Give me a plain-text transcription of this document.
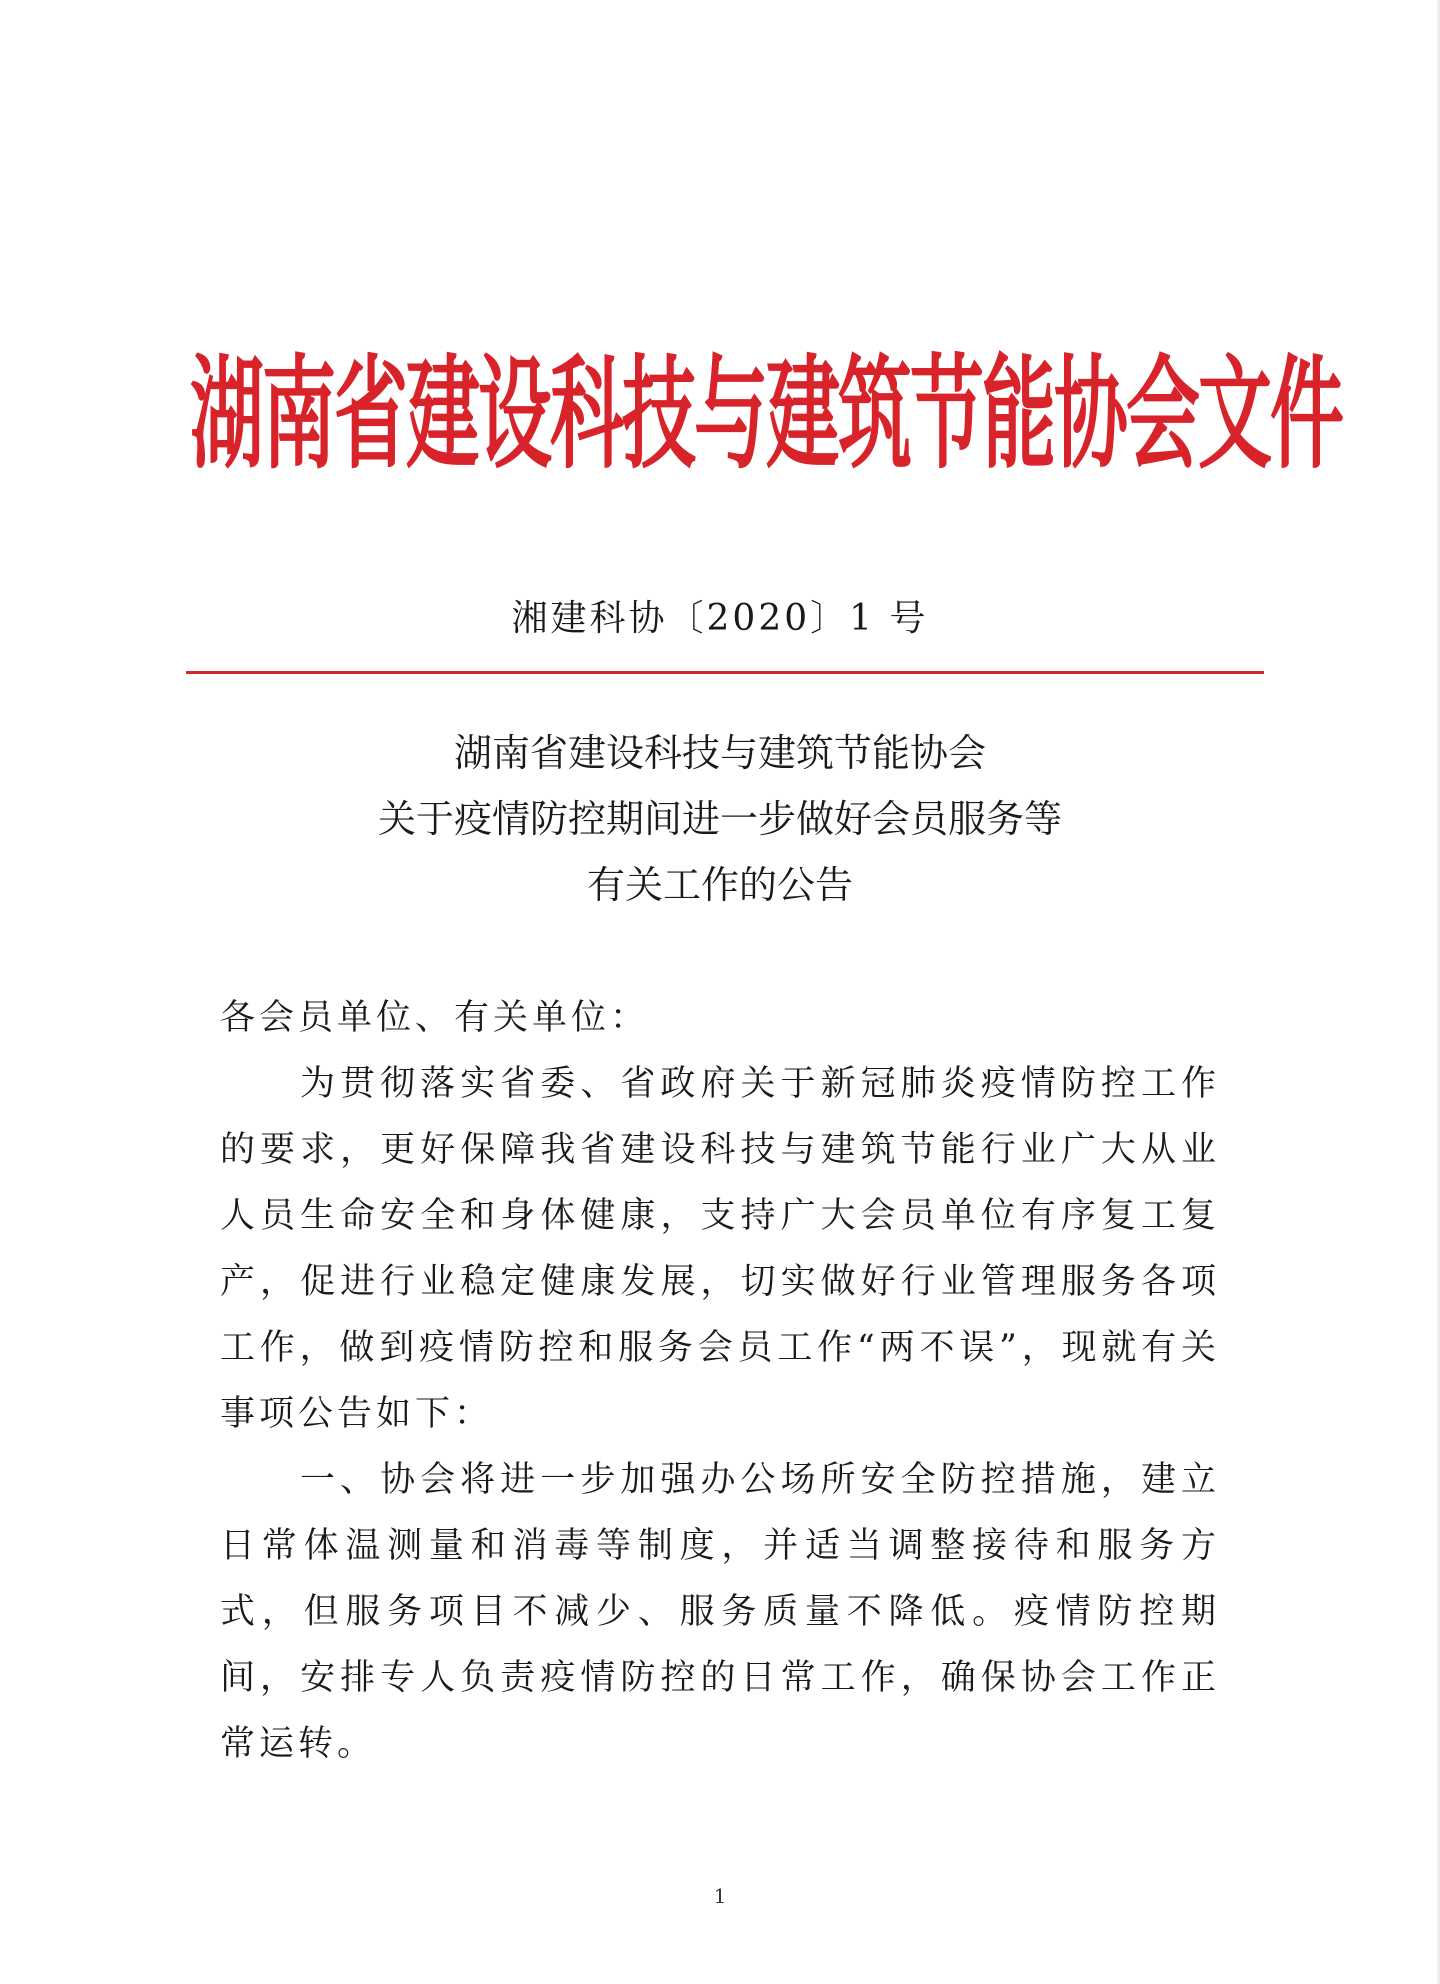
湖南省建设科技与建筑节能协会文件
湘建科协〔2020〕1 号
湖南省建设科技与建筑节能协会
关于疫情防控期间进一步做好会员服务等
有关工作的公告

各会员单位、有关单位：

为贯彻落实省委、省政府关于新冠肺炎疫情防控工作的要求，更好保障我省建设科技与建筑节能行业广大从业人员生命安全和身体健康，支持广大会员单位有序复工复产，促进行业稳定健康发展，切实做好行业管理服务各项工作，做到疫情防控和服务会员工作“两不误”，现就有关事项公告如下：

一、协会将进一步加强办公场所安全防控措施，建立日常体温测量和消毒等制度，并适当调整接待和服务方式，但服务项目不减少、服务质量不降低。疫情防控期间，安排专人负责疫情防控的日常工作，确保协会工作正常运转。

1
